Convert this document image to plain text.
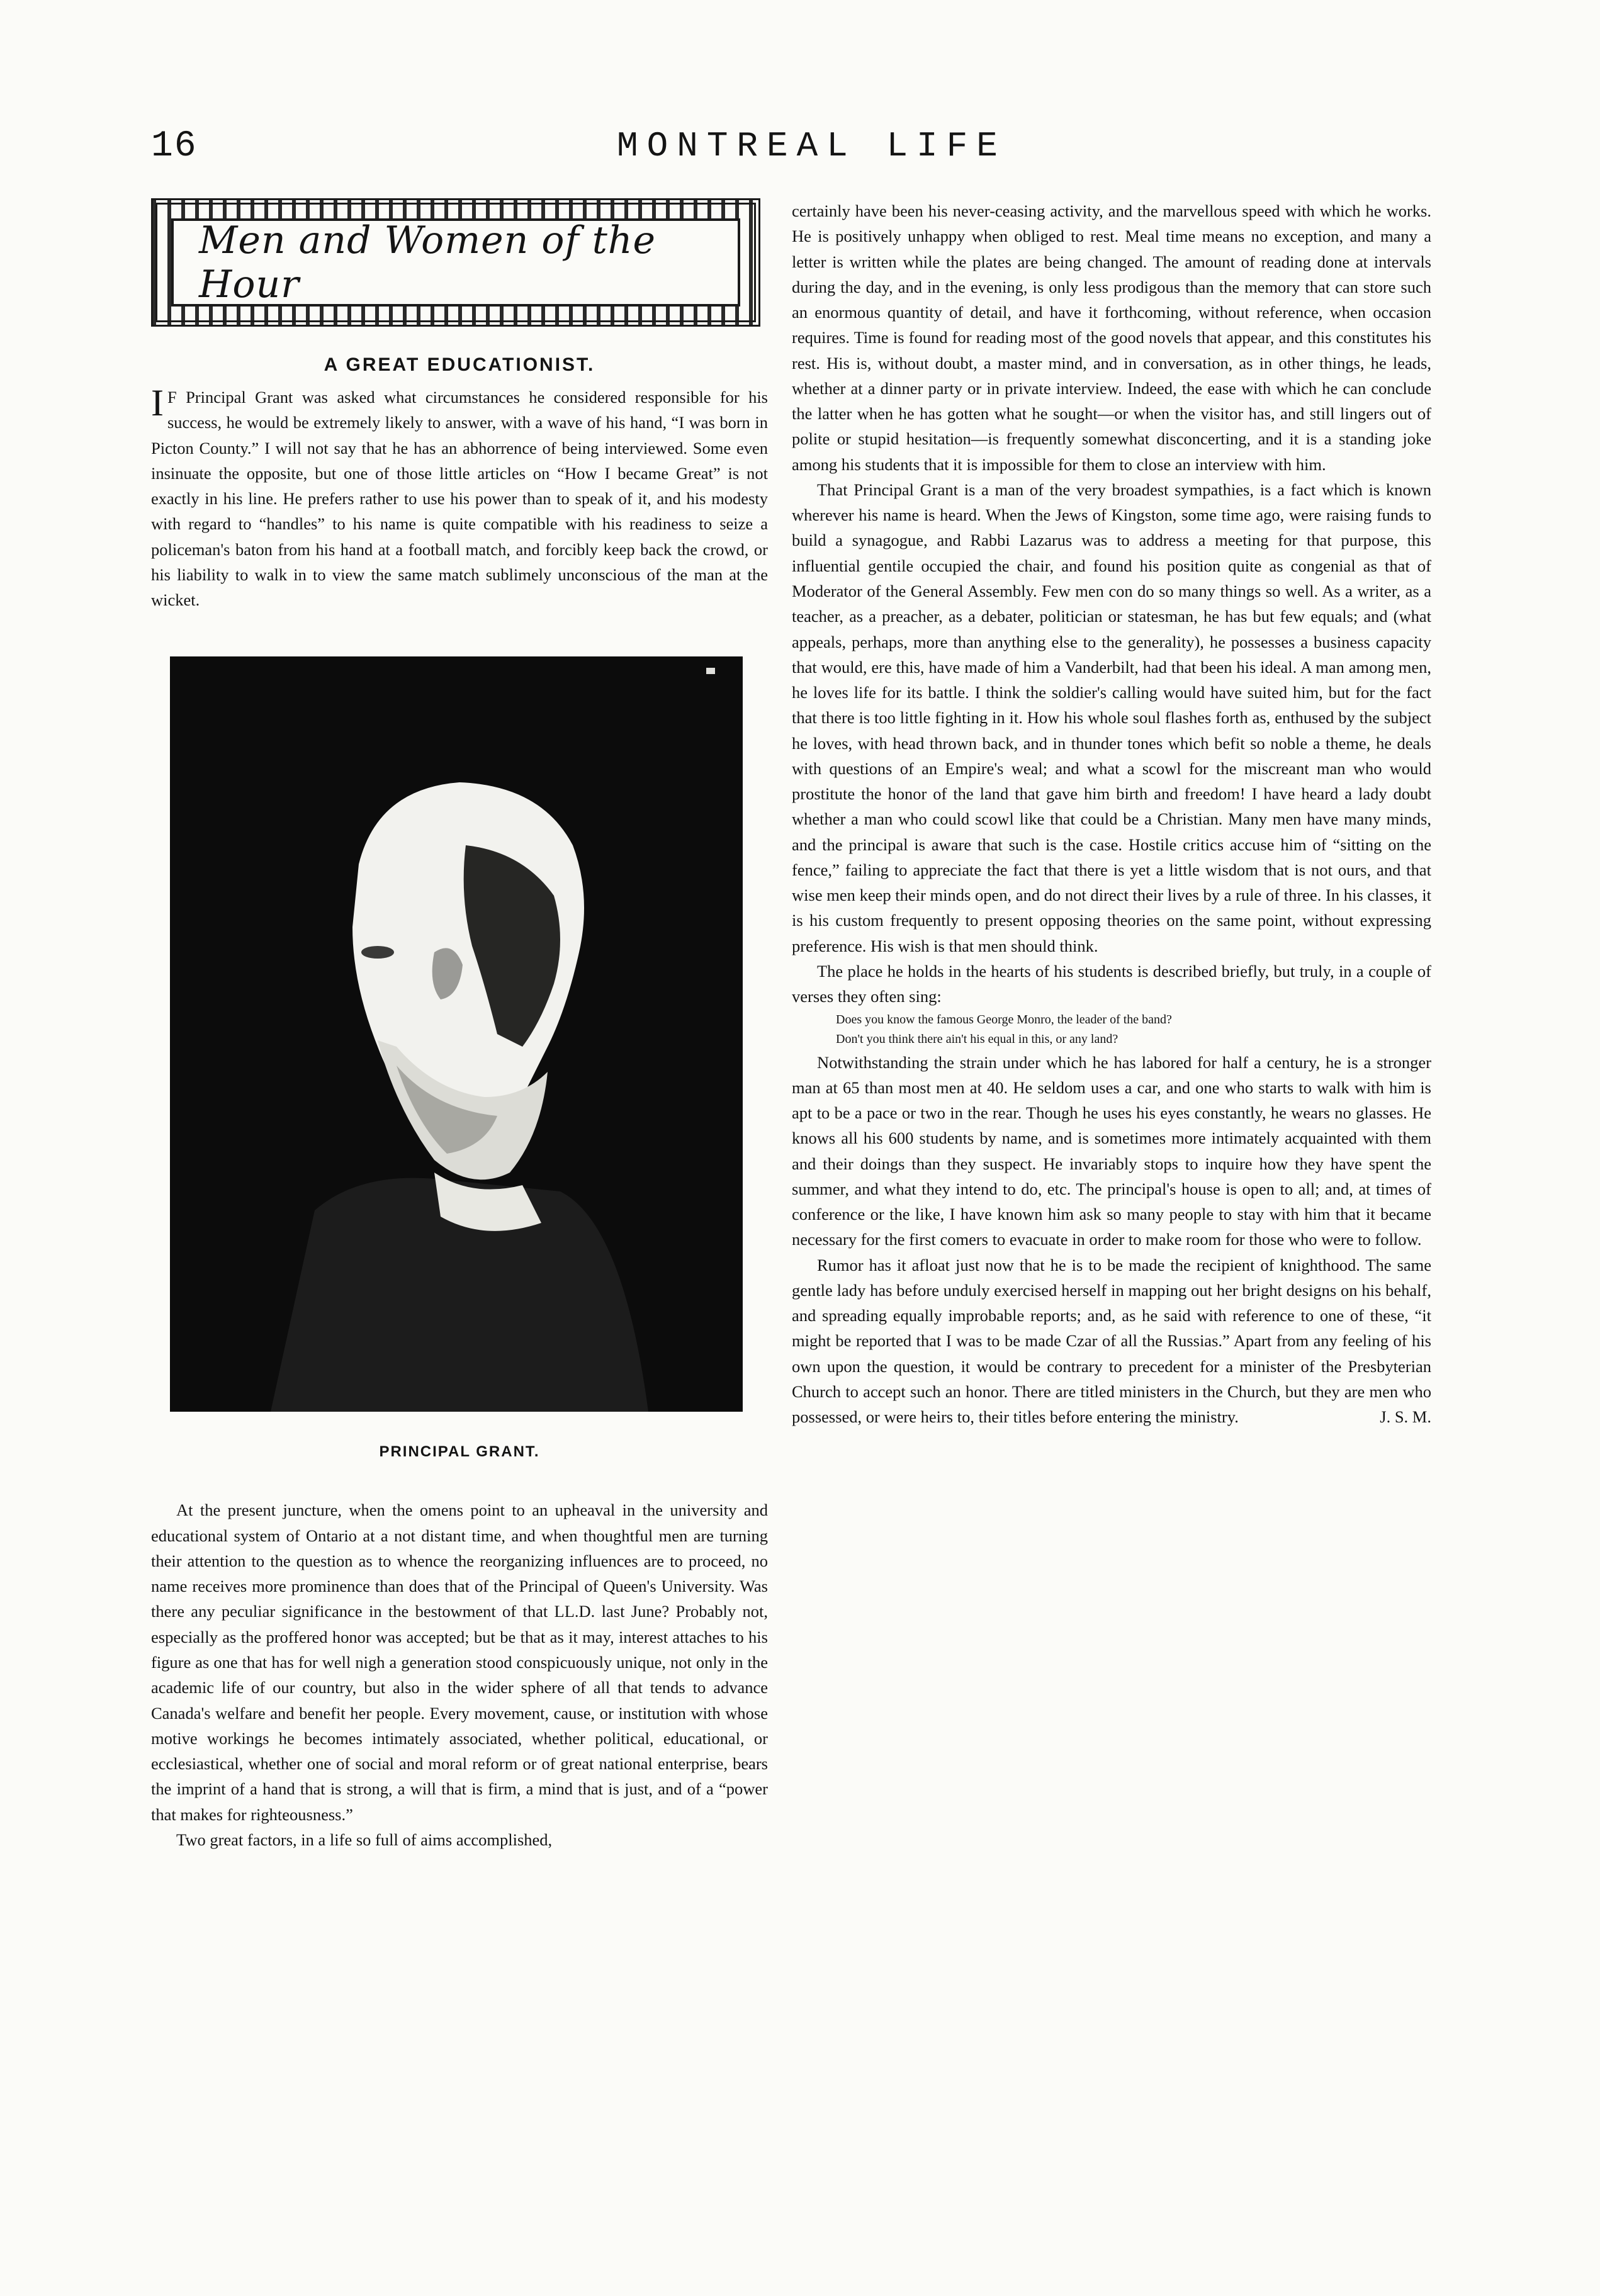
16	MONTREAL LIFE
Men and Women of the Hour
A GREAT EDUCATIONIST.

I F Principal Grant was asked what circumstances he considered responsible for his success, he would be extremely likely to answer, with a wave of his hand, “I was born in Picton County.” I will not say that he has an abhorrence of being interviewed. Some even insinuate the opposite, but one of those little articles on “How I became Great” is not exactly in his line. He prefers rather to use his power than to speak of it, and his modesty with regard to “handles” to his name is quite compatible with his readiness to seize a policeman's baton from his hand at a football match, and forcibly keep back the crowd, or his liability to walk in to view the same match sublimely unconscious of the man at the wicket.

PRINCIPAL GRANT.

At the present juncture, when the omens point to an upheaval in the university and educational system of Ontario at a not distant time, and when thoughtful men are turning their attention to the question as to whence the reorganizing influences are to proceed, no name receives more prominence than does that of the Principal of Queen's University. Was there any peculiar significance in the bestowment of that LL.D. last June? Probably not, especially as the proffered honor was accepted; but be that as it may, interest attaches to his figure as one that has for well nigh a generation stood conspicuously unique, not only in the academic life of our country, but also in the wider sphere of all that tends to advance Canada's welfare and benefit her people. Every movement, cause, or institution with whose motive workings he becomes intimately associated, whether political, educational, or ecclesiastical, whether one of social and moral reform or of great national enterprise, bears the imprint of a hand that is strong, a will that is firm, a mind that is just, and of a “power that makes for righteousness.”

Two great factors, in a life so full of aims accomplished,

certainly have been his never-ceasing activity, and the marvellous speed with which he works. He is positively unhappy when obliged to rest. Meal time means no exception, and many a letter is written while the plates are being changed. The amount of reading done at intervals during the day, and in the evening, is only less prodigous than the memory that can store such an enormous quantity of detail, and have it forthcoming, without reference, when occasion requires. Time is found for reading most of the good novels that appear, and this constitutes his rest. His is, without doubt, a master mind, and in conversation, as in other things, he leads, whether at a dinner party or in private interview. Indeed, the ease with which he can conclude the latter when he has gotten what he sought—or when the visitor has, and still lingers out of polite or stupid hesitation—is frequently somewhat disconcerting, and it is a standing joke among his students that it is impossible for them to close an interview with him.

That Principal Grant is a man of the very broadest sympathies, is a fact which is known wherever his name is heard. When the Jews of Kingston, some time ago, were raising funds to build a synagogue, and Rabbi Lazarus was to address a meeting for that purpose, this influential gentile occupied the chair, and found his position quite as congenial as that of Moderator of the General Assembly. Few men con do so many things so well. As a writer, as a teacher, as a preacher, as a debater, politician or statesman, he has but few equals; and (what appeals, perhaps, more than anything else to the generality), he possesses a business capacity that would, ere this, have made of him a Vanderbilt, had that been his ideal. A man among men, he loves life for its battle. I think the soldier's calling would have suited him, but for the fact that there is too little fighting in it. How his whole soul flashes forth as, enthused by the subject he loves, with head thrown back, and in thunder tones which befit so noble a theme, he deals with questions of an Empire's weal; and what a scowl for the miscreant man who would prostitute the honor of the land that gave him birth and freedom! I have heard a lady doubt whether a man who could scowl like that could be a Christian. Many men have many minds, and the principal is aware that such is the case. Hostile critics accuse him of “sitting on the fence,” failing to appreciate the fact that there is yet a little wisdom that is not ours, and that wise men keep their minds open, and do not direct their lives by a rule of three. In his classes, it is his custom frequently to present opposing theories on the same point, without expressing preference. His wish is that men should think.

The place he holds in the hearts of his students is described briefly, but truly, in a couple of verses they often sing:

Does you know the famous George Monro, the leader of the band?
Don't you think there ain't his equal in this, or any land?

Notwithstanding the strain under which he has labored for half a century, he is a stronger man at 65 than most men at 40. He seldom uses a car, and one who starts to walk with him is apt to be a pace or two in the rear. Though he uses his eyes constantly, he wears no glasses. He knows all his 600 students by name, and is sometimes more intimately acquainted with them and their doings than they suspect. He invariably stops to inquire how they have spent the summer, and what they intend to do, etc. The principal's house is open to all; and, at times of conference or the like, I have known him ask so many people to stay with him that it became necessary for the first comers to evacuate in order to make room for those who were to follow.

Rumor has it afloat just now that he is to be made the recipient of knighthood. The same gentle lady has before unduly exercised herself in mapping out her bright designs on his behalf, and spreading equally improbable reports; and, as he said with reference to one of these, “it might be reported that I was to be made Czar of all the Russias.” Apart from any feeling of his own upon the question, it would be contrary to precedent for a minister of the Presbyterian Church to accept such an honor. There are titled ministers in the Church, but they are men who possessed, or were heirs to, their titles before entering the ministry.	J. S. M.
